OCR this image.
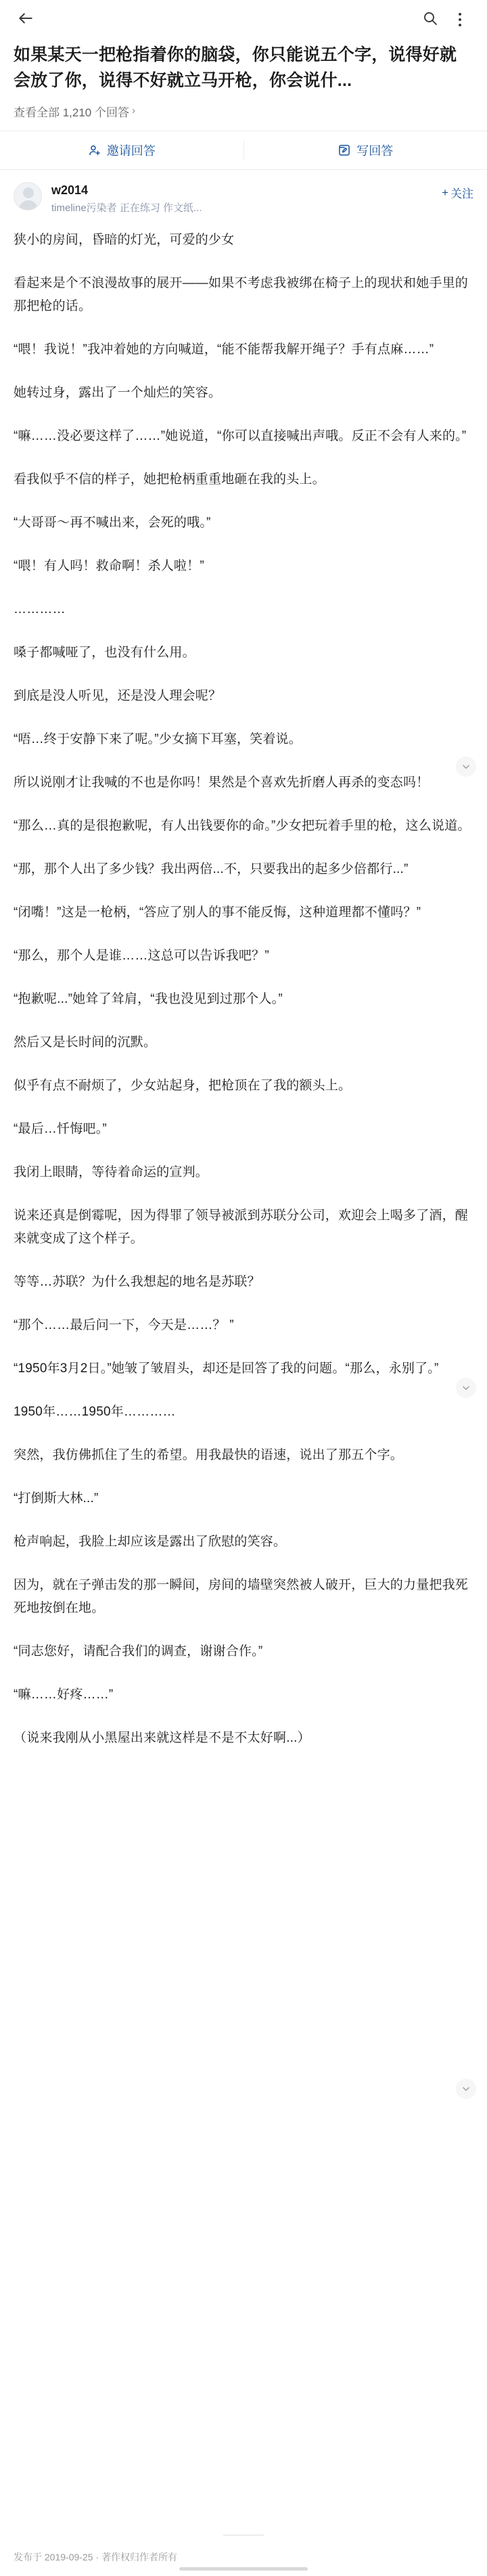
如果某天一把枪指着你的脑袋，你只能说五个字，说得好就会放了你，说得不好就立马开枪，你会说什...
查看全部 1,210 个回答 ›
邀请回答	写回答
w2014
timeline污染者 正在练习 作文纸...
+ 关注

狭小的房间，昏暗的灯光，可爱的少女

看起来是个不浪漫故事的展开——如果不考虑我被绑在椅子上的现状和她手里的那把枪的话。

“喂！我说！”我冲着她的方向喊道，“能不能帮我解开绳子？手有点麻……”

她转过身，露出了一个灿烂的笑容。

“嘛……没必要这样了……”她说道，“你可以直接喊出声哦。反正不会有人来的。”

看我似乎不信的样子，她把枪柄重重地砸在我的头上。

“大哥哥～再不喊出来，会死的哦。”

“喂！有人吗！救命啊！杀人啦！”

…………

嗓子都喊哑了，也没有什么用。

到底是没人听见，还是没人理会呢？

“唔…终于安静下来了呢。”少女摘下耳塞，笑着说。

所以说刚才让我喊的不也是你吗！果然是个喜欢先折磨人再杀的变态吗！

“那么…真的是很抱歉呢，有人出钱要你的命。”少女把玩着手里的枪，这么说道。

“那，那个人出了多少钱？我出两倍...不，只要我出的起多少倍都行...”

“闭嘴！”这是一枪柄，“答应了别人的事不能反悔，这种道理都不懂吗？”

“那么，那个人是谁……这总可以告诉我吧？”

“抱歉呢...”她耸了耸肩，“我也没见到过那个人。”

然后又是长时间的沉默。

似乎有点不耐烦了，少女站起身，把枪顶在了我的额头上。

“最后…忏悔吧。”

我闭上眼睛，等待着命运的宣判。

说来还真是倒霉呢，因为得罪了领导被派到苏联分公司，欢迎会上喝多了酒，醒来就变成了这个样子。

等等…苏联？为什么我想起的地名是苏联？

“那个……最后问一下，今天是……？ ”

“1950年3月2日。”她皱了皱眉头，却还是回答了我的问题。“那么，永别了。”

1950年……1950年…………

突然，我仿佛抓住了生的希望。用我最快的语速，说出了那五个字。

“打倒斯大林...”

枪声响起，我脸上却应该是露出了欣慰的笑容。

因为，就在子弹击发的那一瞬间，房间的墙壁突然被人破开，巨大的力量把我死死地按倒在地。

“同志您好，请配合我们的调查，谢谢合作。”

“嘛……好疼……”

（说来我刚从小黑屋出来就这样是不是不太好啊...）

发布于 2019-09-25 · 著作权归作者所有
